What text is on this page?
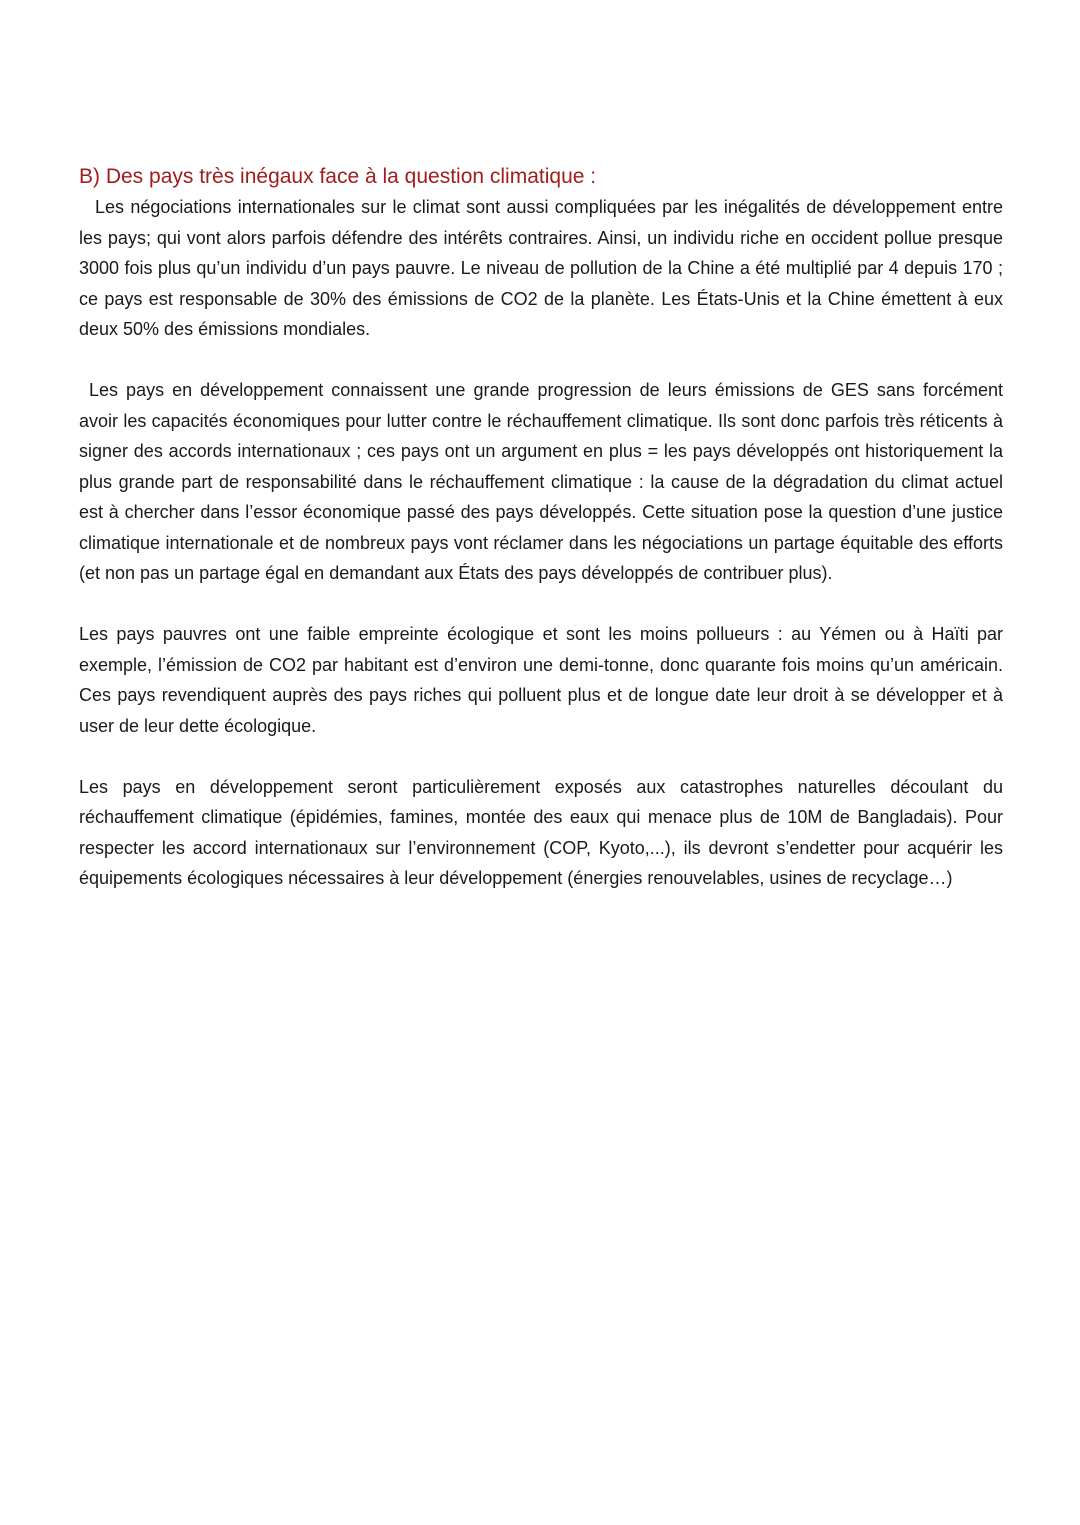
B) Des pays très inégaux face à la question climatique :

Les négociations internationales sur le climat sont aussi compliquées par les inégalités de développement entre les pays; qui vont alors parfois défendre des intérêts contraires. Ainsi, un individu riche en occident pollue presque 3000 fois plus qu’un individu d’un pays pauvre. Le niveau de pollution de la Chine a été multiplié par 4 depuis 170 ; ce pays est responsable de 30% des émissions de CO2 de la planète. Les États-Unis et la Chine émettent à eux deux 50% des émissions mondiales.

Les pays en développement connaissent une grande progression de leurs émissions de GES sans forcément avoir les capacités économiques pour lutter contre le réchauffement climatique. Ils sont donc parfois très réticents à signer des accords internationaux ; ces pays ont un argument en plus = les pays développés ont historiquement la plus grande part de responsabilité dans le réchauffement climatique : la cause de la dégradation du climat actuel est à chercher dans l’essor économique passé des pays développés. Cette situation pose la question d’une justice climatique internationale et de nombreux pays vont réclamer dans les négociations un partage équitable des efforts (et non pas un partage égal en demandant aux États des pays développés de contribuer plus).

Les pays pauvres ont une faible empreinte écologique et sont les moins pollueurs : au Yémen ou à Haïti par exemple, l’émission de CO2 par habitant est d’environ une demi-tonne, donc quarante fois moins qu’un américain. Ces pays revendiquent auprès des pays riches qui polluent plus et de longue date leur droit à se développer et à user de leur dette écologique.

Les pays en développement seront particulièrement exposés aux catastrophes naturelles découlant du réchauffement climatique (épidémies, famines, montée des eaux qui menace plus de 10M de Bangladais). Pour respecter les accord internationaux sur l’environnement (COP, Kyoto,...), ils devront s’endetter pour acquérir les équipements écologiques nécessaires à leur développement (énergies renouvelables, usines de recyclage…)
